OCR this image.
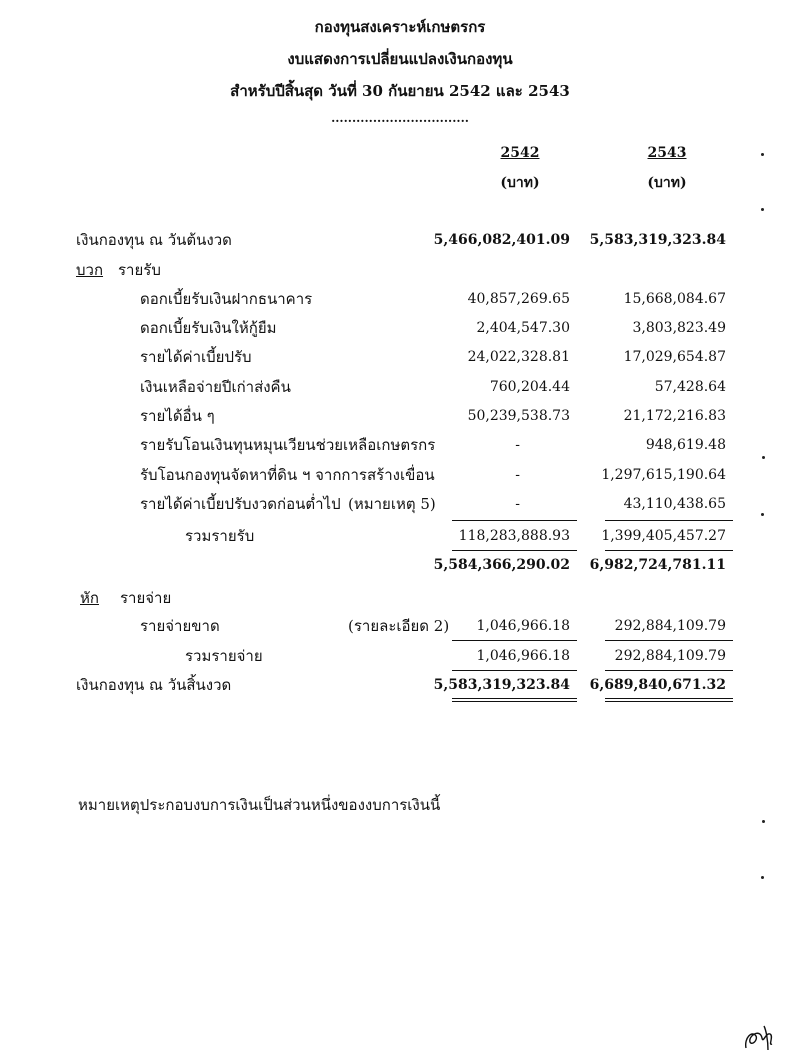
กองทุนสงเคราะห์เกษตรกร
งบแสดงการเปลี่ยนแปลงเงินกองทุน
สำหรับปีสิ้นสุด วันที่ 30 กันยายน 2542 และ 2543
.................................
2542	2543
(บาท)	(บาท)
เงินกองทุน ณ วันต้นงวด	5,466,082,401.09	5,583,319,323.84
บวก รายรับ
ดอกเบี้ยรับเงินฝากธนาคาร	40,857,269.65	15,668,084.67
ดอกเบี้ยรับเงินให้กู้ยืม	2,404,547.30	3,803,823.49
รายได้ค่าเบี้ยปรับ	24,022,328.81	17,029,654.87
เงินเหลือจ่ายปีเก่าส่งคืน	760,204.44	57,428.64
รายได้อื่น ๆ	50,239,538.73	21,172,216.83
รายรับโอนเงินทุนหมุนเวียนช่วยเหลือเกษตรกร	-	948,619.48
รับโอนกองทุนจัดหาที่ดิน ฯ จากการสร้างเขื่อน	-	1,297,615,190.64
รายได้ค่าเบี้ยปรับงวดก่อนต่ำไป (หมายเหตุ 5)	-	43,110,438.65
รวมรายรับ	118,283,888.93	1,399,405,457.27
5,584,366,290.02	6,982,724,781.11
หัก รายจ่าย
รายจ่ายขาด	(รายละเอียด 2)	1,046,966.18	292,884,109.79
รวมรายจ่าย	1,046,966.18	292,884,109.79
เงินกองทุน ณ วันสิ้นงวด	5,583,319,323.84	6,689,840,671.32
หมายเหตุประกอบงบการเงินเป็นส่วนหนึ่งของงบการเงินนี้
